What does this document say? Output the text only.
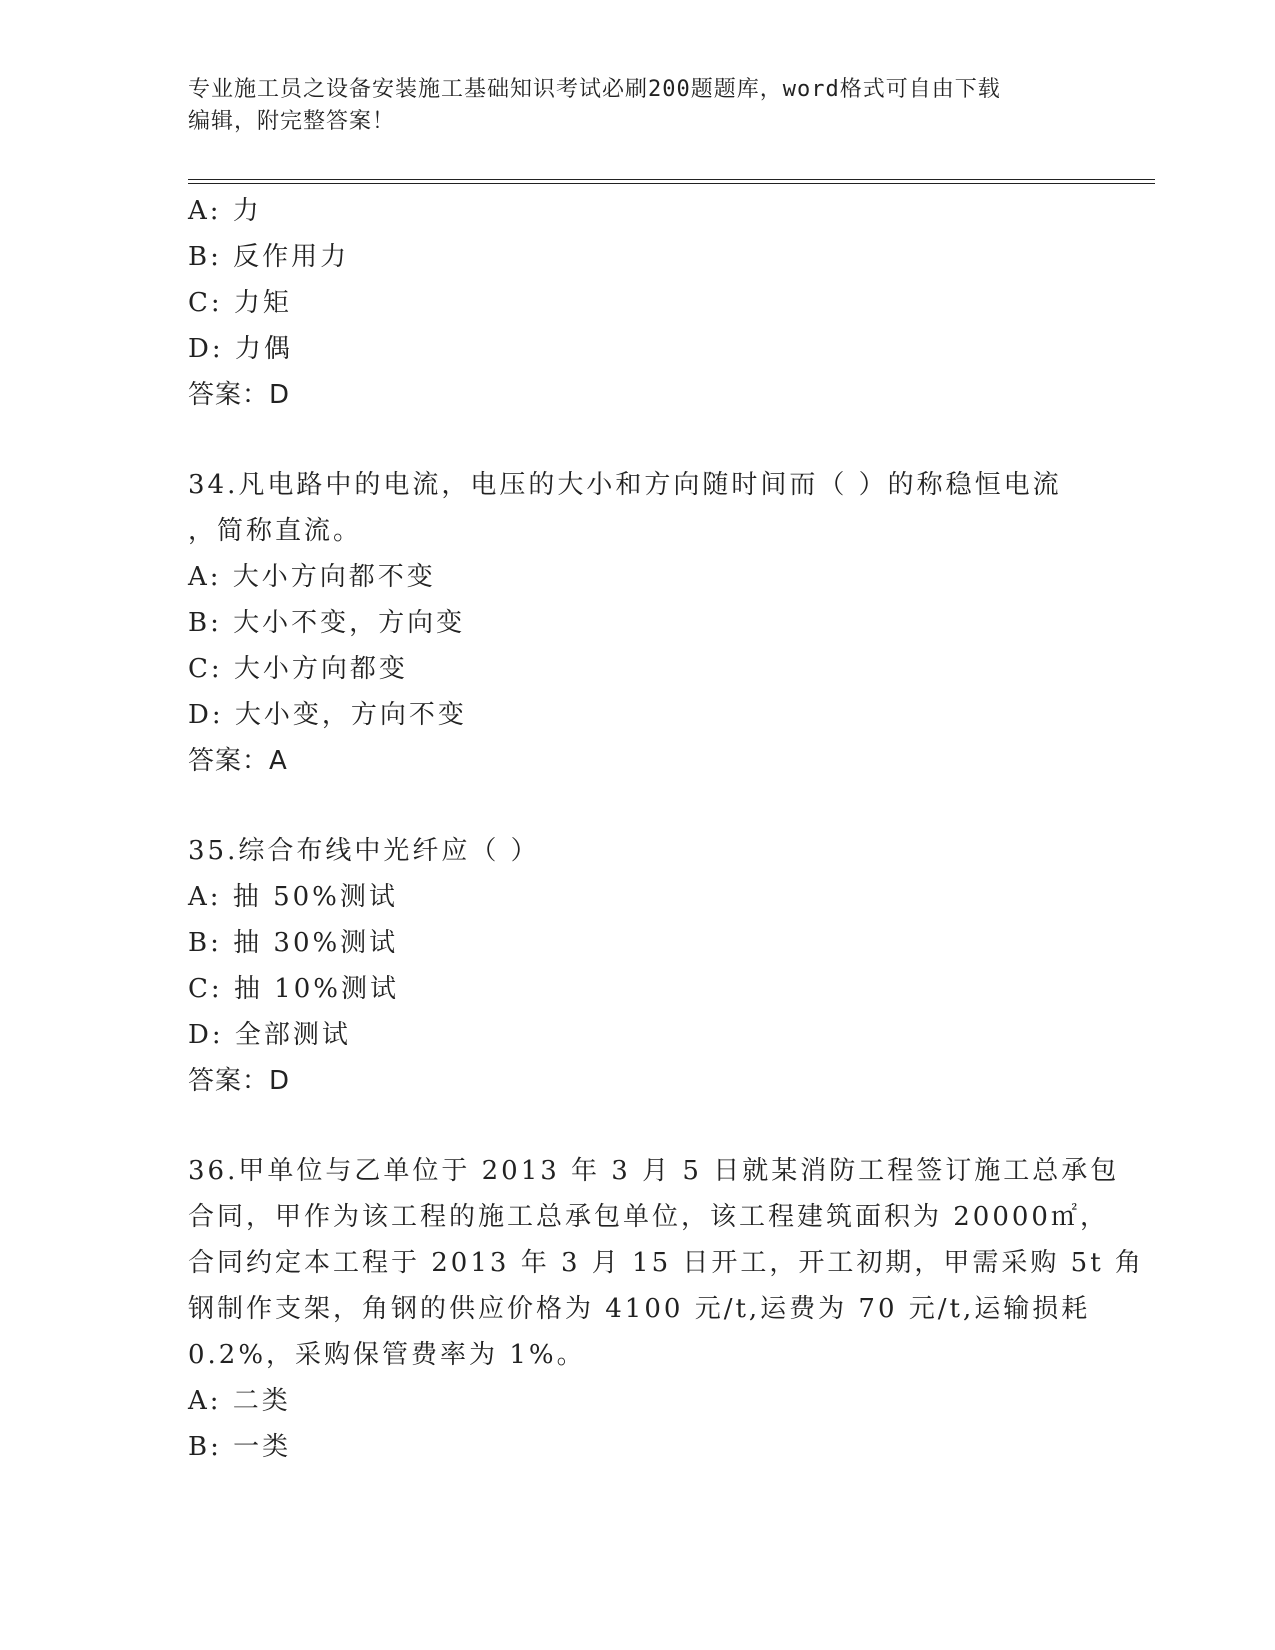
专业施工员之设备安装施工基础知识考试必刷200题题库，word格式可自由下载
编辑，附完整答案！
A: 力
B: 反作用力
C: 力矩
D: 力偶
答案：D
34.凡电路中的电流，电压的大小和方向随时间而（ ）的称稳恒电流
，简称直流。
A: 大小方向都不变
B: 大小不变，方向变
C: 大小方向都变
D: 大小变，方向不变
答案：A
35.综合布线中光纤应（ ）
A: 抽 50%测试
B: 抽 30%测试
C: 抽 10%测试
D: 全部测试
答案：D
36.甲单位与乙单位于 2013 年 3 月 5 日就某消防工程签订施工总承包
合同，甲作为该工程的施工总承包单位，该工程建筑面积为 20000㎡，
合同约定本工程于 2013 年 3 月 15 日开工，开工初期，甲需采购 5t 角
钢制作支架，角钢的供应价格为 4100 元/t,运费为 70 元/t,运输损耗
0.2%，采购保管费率为 1%。
A: 二类
B: 一类
